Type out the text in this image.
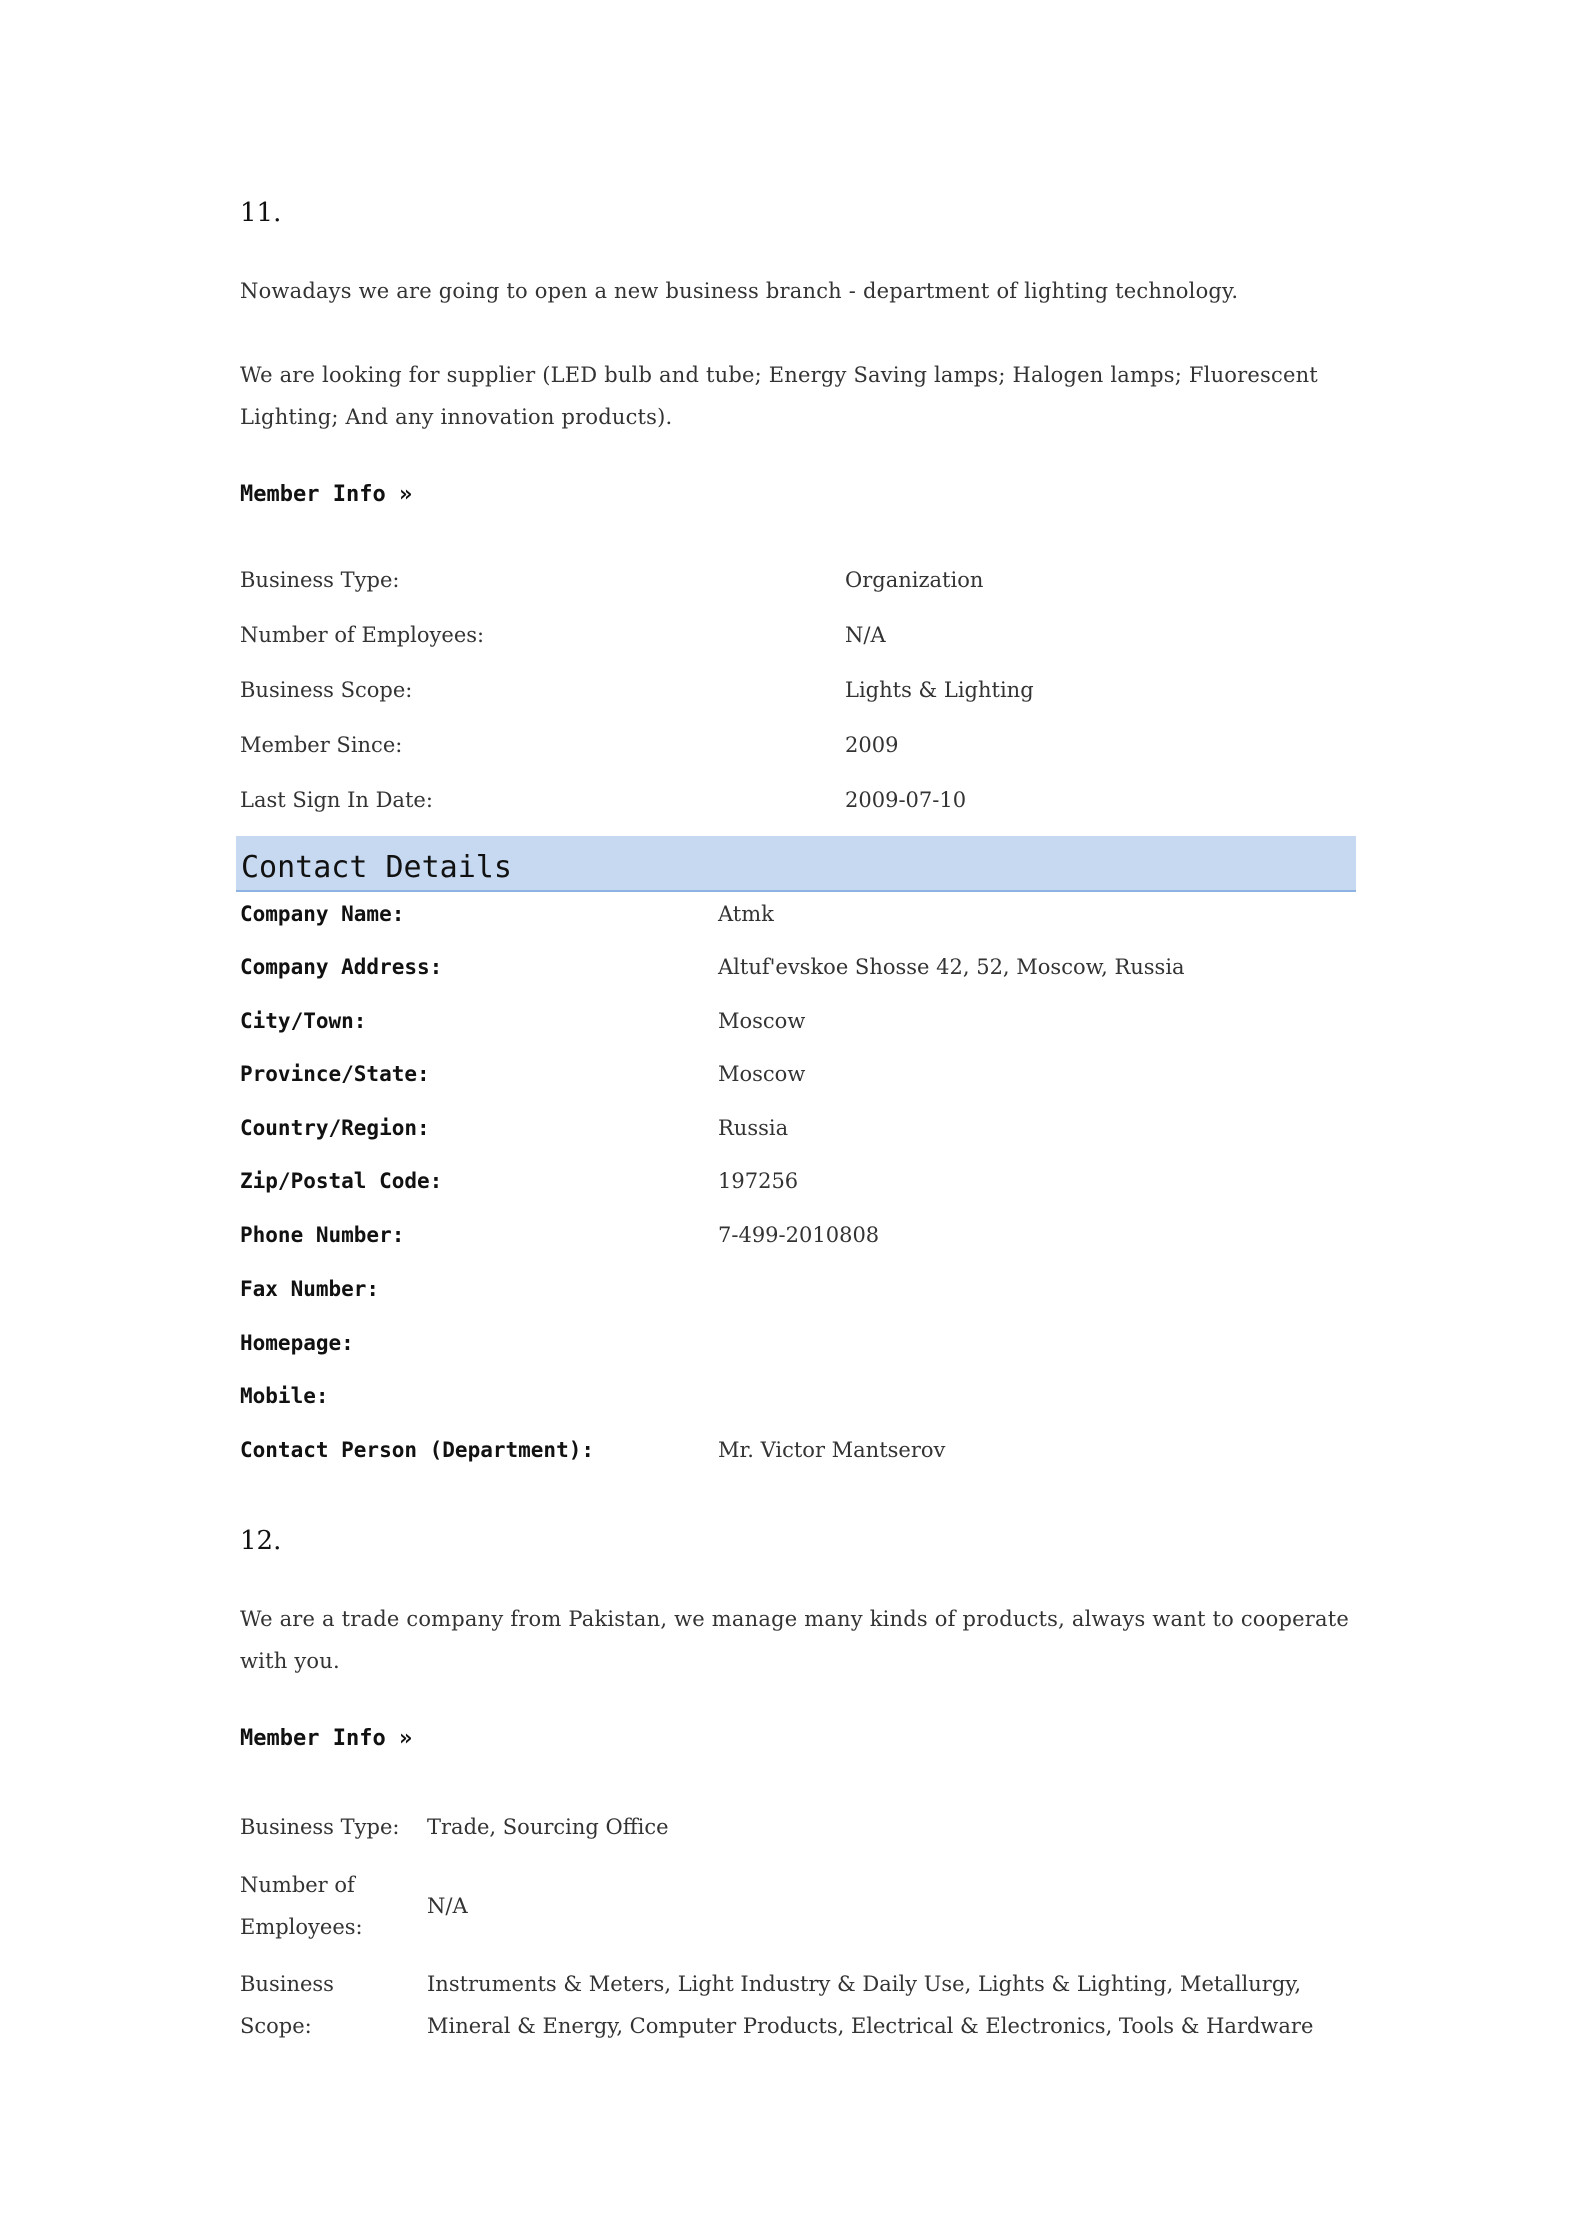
11.
Nowadays we are going to open a new business branch - department of lighting technology.
We are looking for supplier (LED bulb and tube; Energy Saving lamps; Halogen lamps; Fluorescent Lighting; And any innovation products).
Member Info »
Business Type:	Organization
Number of Employees:	N/A
Business Scope:	Lights & Lighting
Member Since:	2009
Last Sign In Date:	2009-07-10
Company Name:	Atmk
Company Address:	Altuf'evskoe Shosse 42, 52, Moscow, Russia
City/Town:	Moscow
Province/State:	Moscow
Country/Region:	Russia
Zip/Postal Code:	197256
Phone Number:	7-499-2010808
Fax Number:
Homepage:
Mobile:
Contact Person (Department):	Mr. Victor Mantserov
Contact Details
12.
We are a trade company from Pakistan, we manage many kinds of products, always want to cooperate with you.
Member Info »
Business Type: Trade, Sourcing Office
Number of Employees:
N/A
Business Scope:
Instruments & Meters, Light Industry & Daily Use, Lights & Lighting, Metallurgy, Mineral & Energy, Computer Products, Electrical & Electronics, Tools & Hardware
